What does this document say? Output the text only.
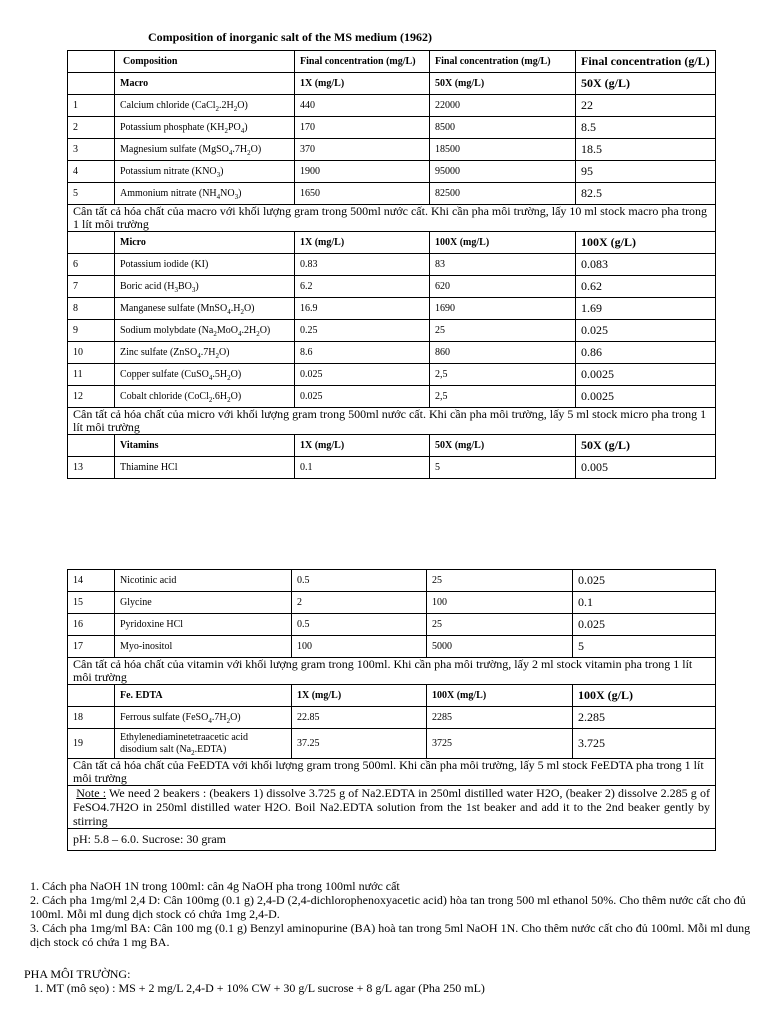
Composition of inorganic salt of the MS medium (1962)
	Composition	Final concentration (mg/L)	Final concentration (mg/L)	Final concentration (g/L)
	Macro	1X (mg/L)	50X (mg/L)	50X (g/L)
1	Calcium chloride $(CaCl_2.2H_2O)$	440	22000	22
2	Potassium phosphate $(KH_2PO_4)$	170	8500	8.5
3	Magnesium sulfate $(MgSO_4.7H_2O)$	370	18500	18.5
4	Potassium nitrate $(KNO_3)$	1900	95000	95
5	Ammonium nitrate $(NH_4NO_3)$	1650	82500	82.5
Cân tất cả hóa chất của macro với khối lượng gram trong 500ml nước cất. Khi cần pha môi trường, lấy 10 ml stock macro pha trong 1 lít môi trường				
	Micro	1X (mg/L)	100X (mg/L)	100X (g/L)
6	Potassium iodide (KI)	0.83	83	0.083
7	Boric acid $(H_3BO_3)$	6.2	620	0.62
8	Manganese sulfate $(MnSO_4.H_2O)$	16.9	1690	1.69
9	Sodium molybdate $(Na_2MoO_4.2H_2O)$	0.25	25	0.025
10	Zinc sulfate $(ZnSO_4.7H_2O)$	8.6	860	0.86
11	Copper sulfate $(CuSO_4.5H_2O)$	0.025	2,5	0.0025
12	Cobalt chloride $(CoCl_2.6H_2O)$	0.025	2,5	0.0025
Cân tất cả hóa chất của micro với khối lượng gram trong 500ml nước cất. Khi cần pha môi trường, lấy 5 ml stock micro pha trong 1 lít môi trường				
	Vitamins	1X (mg/L)	50X (mg/L)	50X (g/L)
13	Thiamine HCl	0.1	5	0.005
14	Nicotinic acid	0.5	25	0.025
15	Glycine	2	100	0.1
16	Pyridoxine HCl	0.5	25	0.025
17	Myo-inositol	100	5000	5
Cân tất cả hóa chất của vitamin với khối lượng gram trong 100ml. Khi cần pha môi trường, lấy 2 ml stock vitamin pha trong 1 lít môi trường				
	Fe. EDTA	1X (mg/L)	100X (mg/L)	100X (g/L)
18	Ferrous sulfate $(FeSO_4.7H_2O)$	22.85	2285	2.285
19	Ethylenediaminetetraacetic acid disodium salt $(Na_2.EDTA)$	37.25	3725	3.725
Cân tất cả hóa chất của FeEDTA với khối lượng gram trong 500ml. Khi cần pha môi trường, lấy 5 ml stock FeEDTA pha trong 1 lít môi trường				
Note : We need 2 beakers : (beakers 1) dissolve 3.725 g of Na2.EDTA in 250ml distilled water H2O, (beaker 2) dissolve 2.285 g of FeSO4.7H2O in 250ml distilled water H2O. Boil Na2.EDTA solution from the 1st beaker and add it to the 2nd beaker gently by stirring				
pH: 5.8 – 6.0. Sucrose: 30 gram				

1. Cách pha NaOH 1N trong 100ml: cân 4g NaOH pha trong 100ml nước cất

2. Cách pha 1mg/ml 2,4 D: Cân 100mg (0.1 g) 2,4-D (2,4-dichlorophenoxyacetic acid) hòa tan trong 500 ml ethanol 50%. Cho thêm nước cất cho đủ 100ml. Mỗi ml dung dịch stock có chứa 1mg 2,4-D.

3. Cách pha 1mg/ml BA: Cân 100 mg (0.1 g) Benzyl aminopurine (BA) hoà tan trong 5ml NaOH 1N. Cho thêm nước cất cho đủ 100ml. Mỗi ml dung dịch stock có chứa 1 mg BA.

PHA MÔI TRƯỜNG:

1. MT (mô sẹo) : MS + 2 mg/L 2,4-D + 10% CW + 30 g/L sucrose + 8 g/L agar (Pha 250 mL)
